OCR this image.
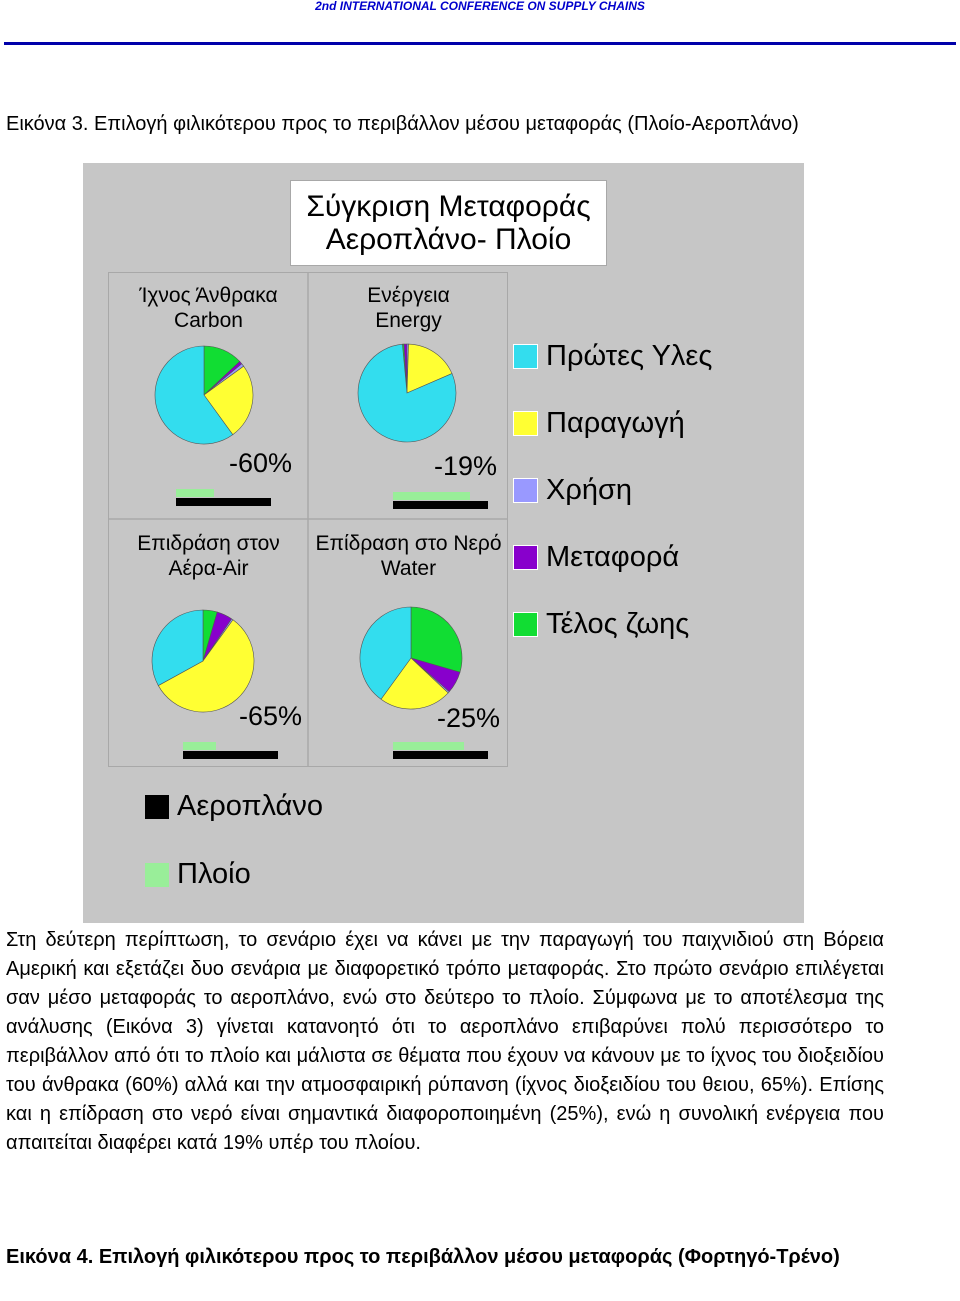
2nd INTERNATIONAL CONFERENCE ON SUPPLY CHAINS
Εικόνα 3. Επιλογή φιλικότερου προς το περιβάλλον μέσου μεταφοράς (Πλοίο-Αεροπλάνο)
Σύγκριση Μεταφοράς
Αεροπλάνο- Πλοίο
Ίχνος Άνθρακα
Carbon
-60%
Ενέργεια
Energy
-19%
Επιδράση στον
Αέρα-Air
-65%
Επίδραση στο Νερό
Water
-25%
Πρώτες Υλες
Παραγωγή
Χρήση
Μεταφορά
Τέλος ζωης
Αεροπλάνο
Πλοίο
Στη δεύτερη περίπτωση, το σενάριο έχει να κάνει με την παραγωγή του παιχνιδιού στη Βόρεια Αμερική και εξετάζει δυο σενάρια με διαφορετικό τρόπο μεταφοράς. Στο πρώτο σενάριο επιλέγεται σαν μέσο μεταφοράς το αεροπλάνο, ενώ στο δεύτερο το πλοίο. Σύμφωνα με το αποτέλεσμα της ανάλυσης (Εικόνα 3) γίνεται κατανοητό ότι το αεροπλάνο επιβαρύνει πολύ περισσότερο το περιβάλλον από ότι το πλοίο και μάλιστα σε θέματα που έχουν να κάνουν με το ίχνος του διοξειδίου του άνθρακα (60%) αλλά και την ατμοσφαιρική ρύπανση (ίχνος διοξειδίου του θειου, 65%). Επίσης και η επίδραση στο νερό είναι σημαντικά διαφοροποιημένη (25%), ενώ η συνολική ενέργεια που απαιτείται διαφέρει κατά 19% υπέρ του πλοίου.
Εικόνα 4. Επιλογή φιλικότερου προς το περιβάλλον μέσου μεταφοράς (Φορτηγό-Τρένο)
